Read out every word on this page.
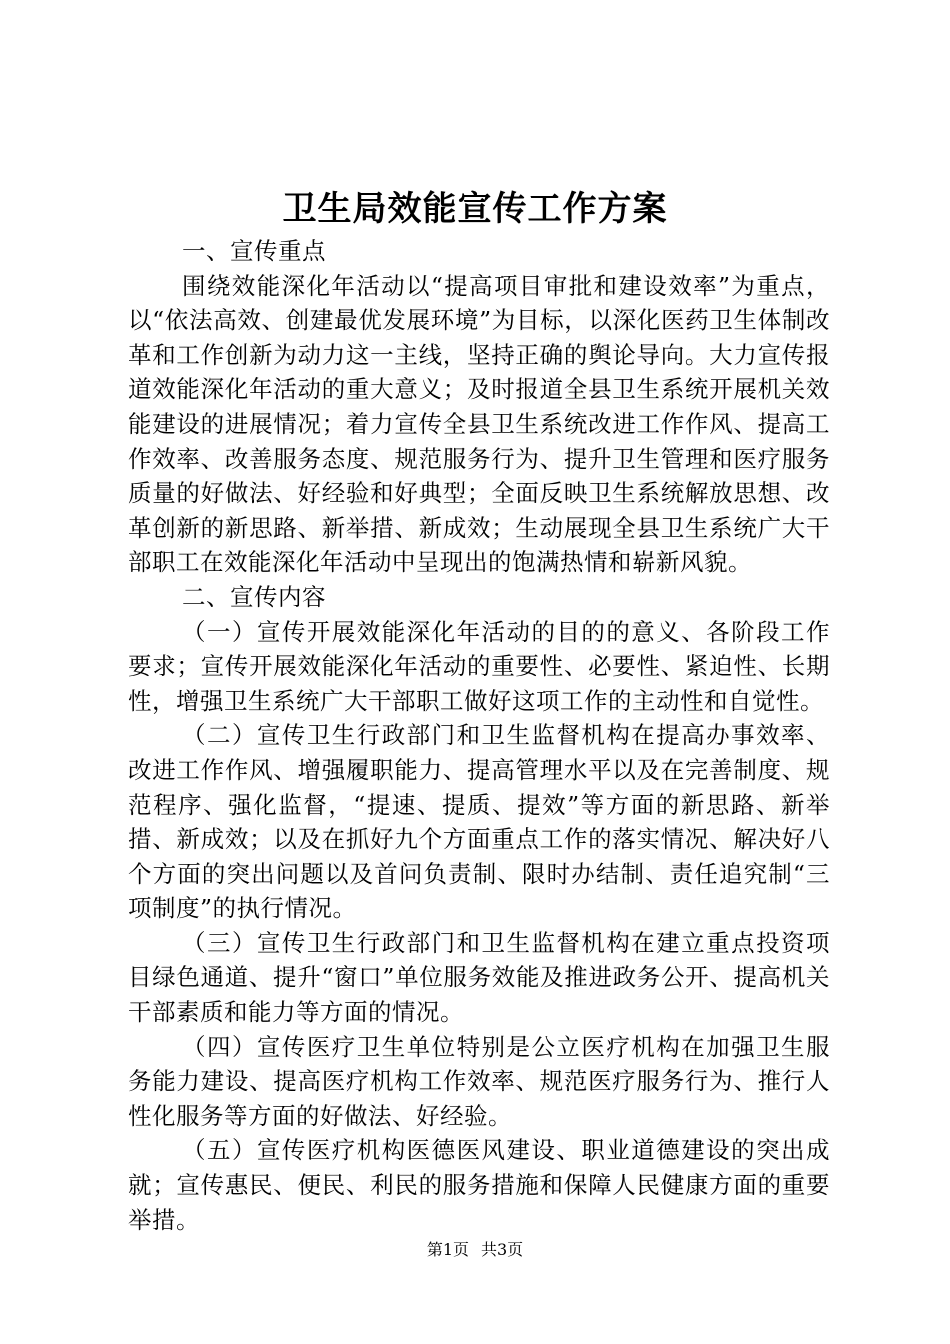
卫生局效能宣传工作方案

一、宣传重点

围绕效能深化年活动以“提高项目审批和建设效率”为重点，以“依法高效、创建最优发展环境”为目标，以深化医药卫生体制改革和工作创新为动力这一主线，坚持正确的舆论导向。大力宣传报道效能深化年活动的重大意义；及时报道全县卫生系统开展机关效能建设的进展情况；着力宣传全县卫生系统改进工作作风、提高工作效率、改善服务态度、规范服务行为、提升卫生管理和医疗服务质量的好做法、好经验和好典型；全面反映卫生系统解放思想、改革创新的新思路、新举措、新成效；生动展现全县卫生系统广大干部职工在效能深化年活动中呈现出的饱满热情和崭新风貌。

二、宣传内容

（一）宣传开展效能深化年活动的目的的意义、各阶段工作要求；宣传开展效能深化年活动的重要性、必要性、紧迫性、长期性，增强卫生系统广大干部职工做好这项工作的主动性和自觉性。

（二）宣传卫生行政部门和卫生监督机构在提高办事效率、改进工作作风、增强履职能力、提高管理水平以及在完善制度、规范程序、强化监督，“提速、提质、提效”等方面的新思路、新举措、新成效；以及在抓好九个方面重点工作的落实情况、解决好八个方面的突出问题以及首问负责制、限时办结制、责任追究制“三项制度”的执行情况。

（三）宣传卫生行政部门和卫生监督机构在建立重点投资项目绿色通道、提升“窗口”单位服务效能及推进政务公开、提高机关干部素质和能力等方面的情况。

（四）宣传医疗卫生单位特别是公立医疗机构在加强卫生服务能力建设、提高医疗机构工作效率、规范医疗服务行为、推行人性化服务等方面的好做法、好经验。

（五）宣传医疗机构医德医风建设、职业道德建设的突出成就；宣传惠民、便民、利民的服务措施和保障人民健康方面的重要举措。

第1页 共3页
